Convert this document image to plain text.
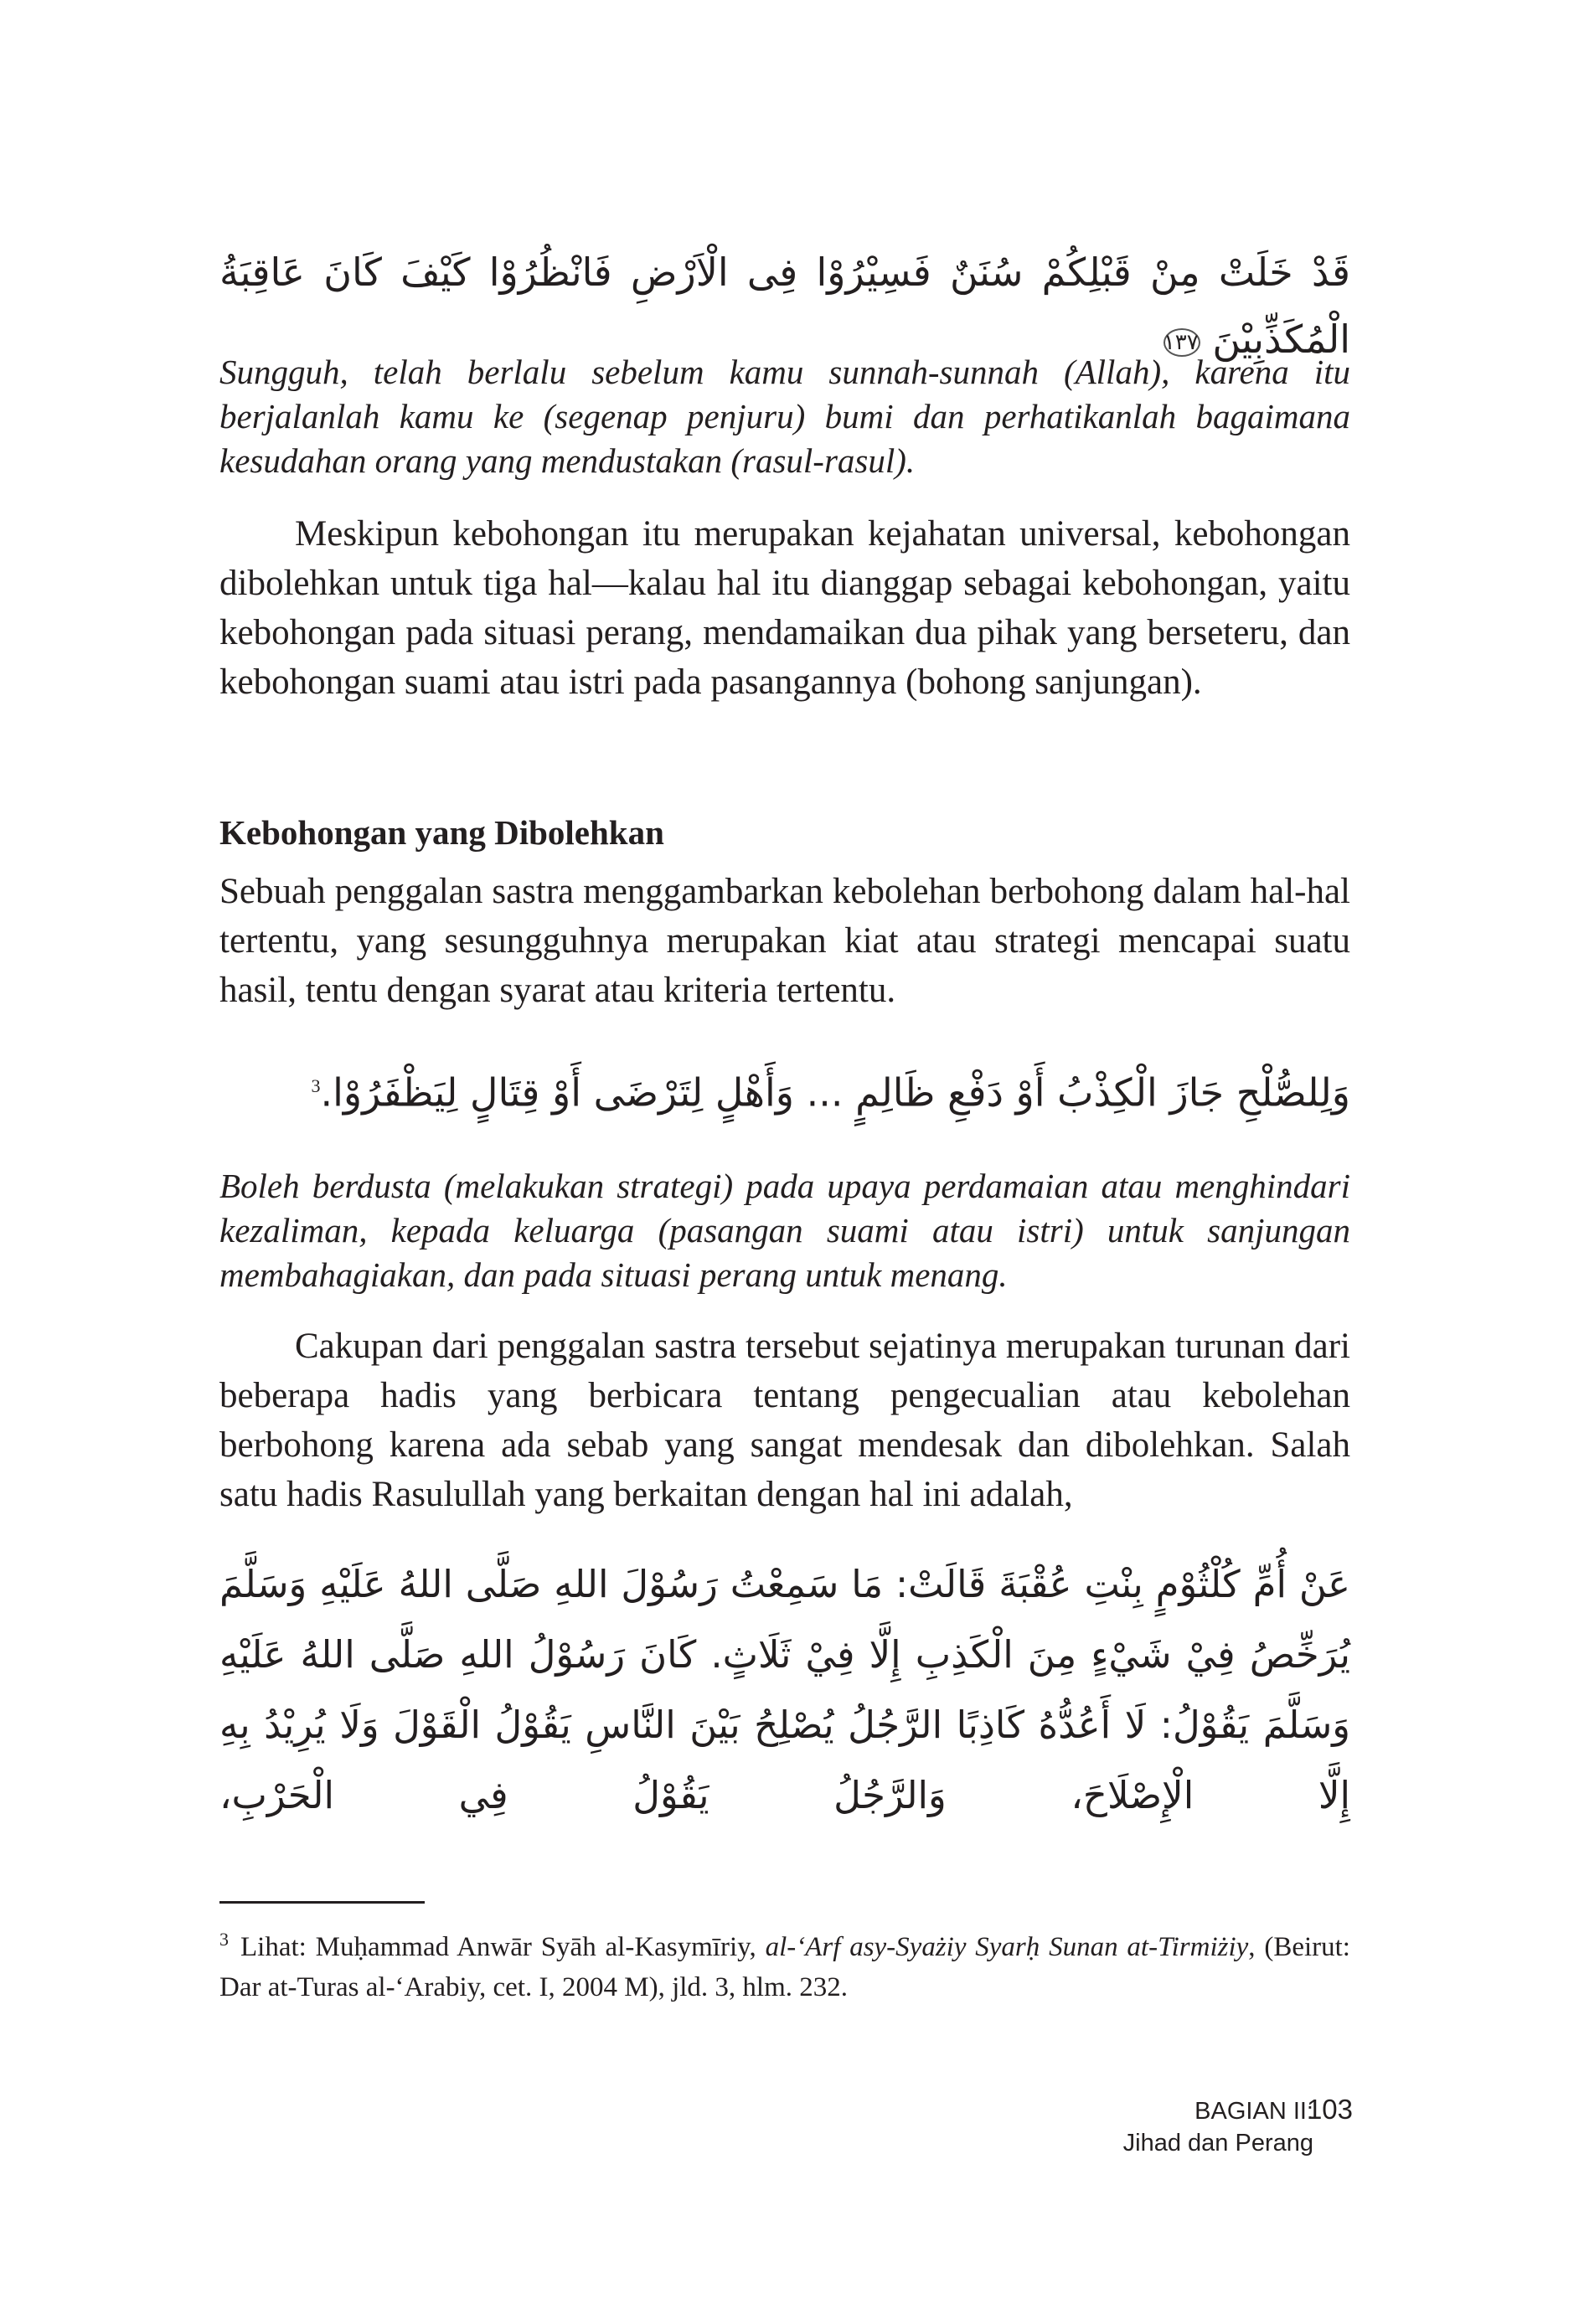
قَدْ خَلَتْ مِنْ قَبْلِكُمْ سُنَنٌ فَسِيْرُوْا فِى الْاَرْضِ فَانْظُرُوْا كَيْفَ كَانَ عَاقِبَةُ الْمُكَذِّبِيْنَ ١٣٧
Sungguh, telah berlalu sebelum kamu sunnah-sunnah (Allah), karena itu berjalanlah kamu ke (segenap penjuru) bumi dan perhatikanlah bagaimana kesudahan orang yang mendustakan (rasul-rasul).
Meskipun kebohongan itu merupakan kejahatan universal, kebohongan dibolehkan untuk tiga hal—kalau hal itu dianggap sebagai kebohongan, yaitu kebohongan pada situasi perang, mendamaikan dua pihak yang berseteru, dan kebohongan suami atau istri pada pasangannya (bohong sanjungan).
Kebohongan yang Dibolehkan
Sebuah penggalan sastra menggambarkan kebolehan berbohong dalam hal-hal tertentu, yang sesungguhnya merupakan kiat atau strategi mencapai suatu hasil, tentu dengan syarat atau kriteria tertentu.
وَلِلصُّلْحِ جَازَ الْكِذْبُ أَوْ دَفْعِ ظَالِمٍ ... وَأَهْلٍ لِتَرْضَى أَوْ قِتَالٍ لِيَظْفَرُوْا.$^3$
Boleh berdusta (melakukan strategi) pada upaya perdamaian atau menghindari kezaliman, kepada keluarga (pasangan suami atau istri) untuk sanjungan membahagiakan, dan pada situasi perang untuk menang.
Cakupan dari penggalan sastra tersebut sejatinya merupakan turunan dari beberapa hadis yang berbicara tentang pengecualian atau kebolehan berbohong karena ada sebab yang sangat mendesak dan dibolehkan. Salah satu hadis Rasulullah yang berkaitan dengan hal ini adalah,
عَنْ أُمِّ كُلْثُوْمٍ بِنْتِ عُقْبَةَ قَالَتْ: مَا سَمِعْتُ رَسُوْلَ اللهِ صَلَّى اللهُ عَلَيْهِ وَسَلَّمَ يُرَخِّصُ فِيْ شَيْءٍ مِنَ الْكَذِبِ إِلَّا فِيْ ثَلَاثٍ. كَانَ رَسُوْلُ اللهِ صَلَّى اللهُ عَلَيْهِ وَسَلَّمَ يَقُوْلُ: لَا أَعُدُّهُ كَاذِبًا الرَّجُلُ يُصْلِحُ بَيْنَ النَّاسِ يَقُوْلُ الْقَوْلَ وَلَا يُرِيْدُ بِهِ إِلَّا الْإِصْلَاحَ، وَالرَّجُلُ يَقُوْلُ فِي الْحَرْبِ،
$^3$ Lihat: Muḥammad Anwār Syāh al-Kasymīriy, al-‘Arf asy-Syażiy Syarḥ Sunan at-Tirmiżiy, (Beirut: Dar at-Turas al-‘Arabiy, cet. I, 2004 M), jld. 3, hlm. 232.
BAGIAN II:
Jihad dan Perang
103
